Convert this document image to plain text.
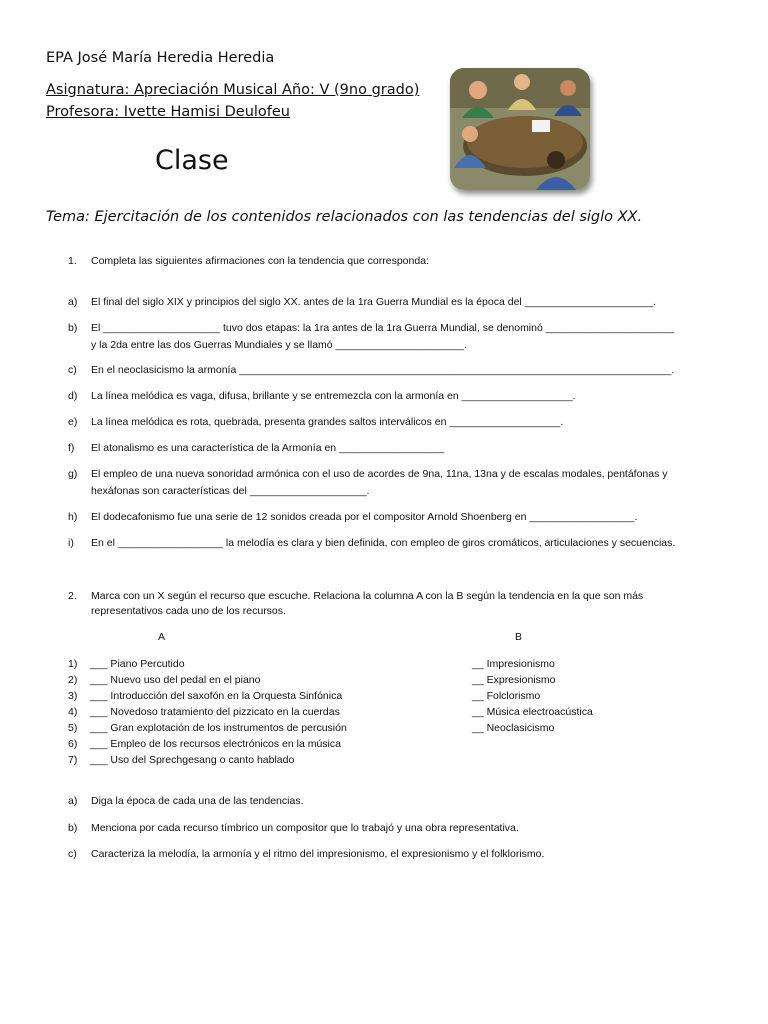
EPA José María Heredia Heredia
Asignatura: Apreciación Musical Año: V (9no grado)
Profesora: Ivette Hamisi Deulofeu
Clase
Tema: Ejercitación de los contenidos relacionados con las tendencias del siglo XX.
1. Completa las siguientes afirmaciones con la tendencia que corresponda:
a) El final del siglo XIX y principios del siglo XX. antes de la 1ra Guerra Mundial es la época del ______________________.
b) El ____________________ tuvo dos etapas: la 1ra antes de la 1ra Guerra Mundial, se denominó ______________________
y la 2da entre las dos Guerras Mundiales y se llamó ______________________.
c) En el neoclasicismo la armonía __________________________________________________________________________.
d) La línea melódica es vaga, difusa, brillante y se entremezcla con la armonía en ___________________.
e) La línea melódica es rota, quebrada, presenta grandes saltos interválicos en ___________________.
f) El atonalismo es una característica de la Armonía en __________________
g) El empleo de una nueva sonoridad armónica con el uso de acordes de 9na, 11na, 13na y de escalas modales, pentáfonas y
hexáfonas son características del ____________________.
h) El dodecafonismo fue una serie de 12 sonidos creada por el compositor Arnold Shoenberg en __________________.
i) En el __________________ la melodía es clara y bien definida, con empleo de giros cromáticos, articulaciones y secuencias.
2. Marca con un X según el recurso que escuche. Relaciona la columna A con la B según la tendencia en la que son más
representativos cada uno de los recursos.
A	B
1) ___ Piano Percutido
2) ___ Nuevo uso del pedal en el piano
3) ___ Introducción del saxofón en la Orquesta Sinfónica
4) ___ Novedoso tratamiento del pizzicato en la cuerdas
5) ___ Gran explotación de los instrumentos de percusión
6) ___ Empleo de los recursos electrónicos en la música
7) ___ Uso del Sprechgesang o canto hablado
__ Impresionismo
__ Expresionismo
__ Folclorismo
__ Música electroacústica
__ Neoclasicismo
a) Diga la época de cada una de las tendencias.
b) Menciona por cada recurso tímbrico un compositor que lo trabajó y una obra representativa.
c) Caracteriza la melodía, la armonía y el ritmo del impresionismo, el expresionismo y el folklorismo.
